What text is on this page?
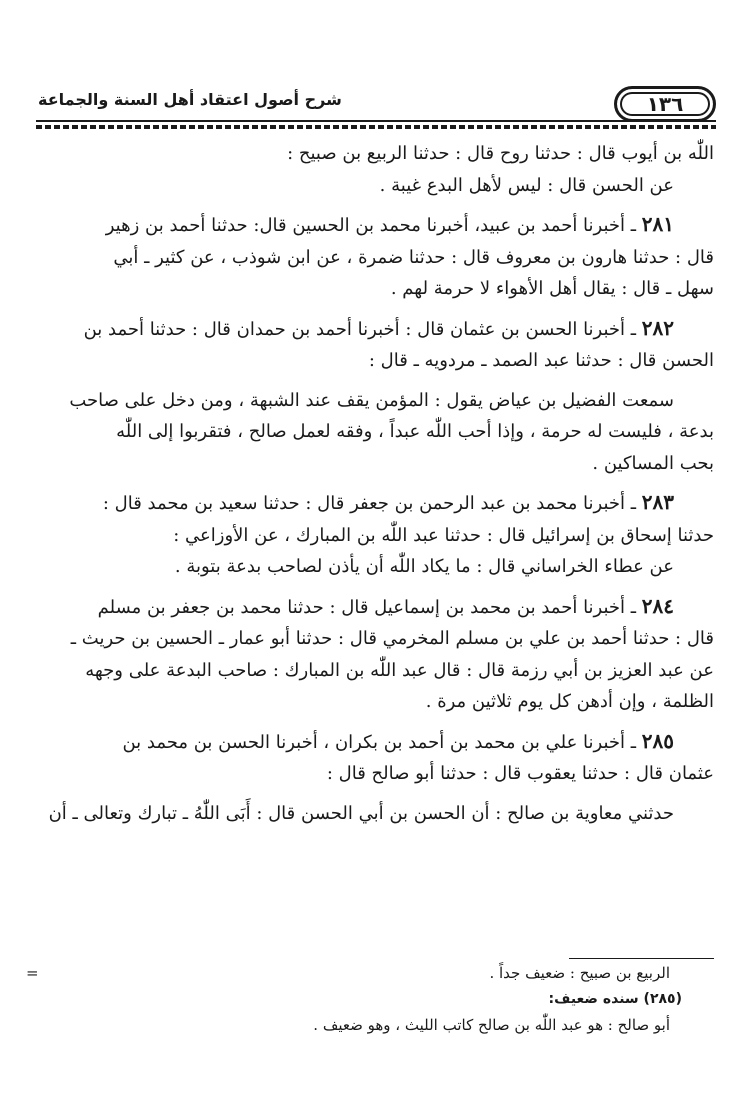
١٣٦
شرح أصول اعتقاد أهل السنة والجماعة

اللّٰه بن أيوب قال : حدثنا روح قال : حدثنا الربيع بن صبيح :

عن الحسن قال : ليس لأهل البدع غيبة .

٢٨١ ـ أخبرنا أحمد بن عبيد، أخبرنا محمد بن الحسين قال: حدثنا أحمد بن زهير

قال : حدثنا هارون بن معروف قال : حدثنا ضمرة ، عن ابن شوذب ، عن كثير ـ أبي

سهل ـ قال : يقال أهل الأهواء لا حرمة لهم .

٢٨٢ ـ أخبرنا الحسن بن عثمان قال : أخبرنا أحمد بن حمدان قال : حدثنا أحمد بن

الحسن قال : حدثنا عبد الصمد ـ مردويه ـ قال :

سمعت الفضيل بن عياض يقول : المؤمن يقف عند الشبهة ، ومن دخل على صاحب

بدعة ، فليست له حرمة ، وإذا أحب اللّٰه عبداً ، وفقه لعمل صالح ، فتقربوا إلى اللّٰه

بحب المساكين .

٢٨٣ ـ أخبرنا محمد بن عبد الرحمن بن جعفر قال : حدثنا سعيد بن محمد قال :

حدثنا إسحاق بن إسرائيل قال : حدثنا عبد اللّٰه بن المبارك ، عن الأوزاعي :

عن عطاء الخراساني قال : ما يكاد اللّٰه أن يأذن لصاحب بدعة بتوبة .

٢٨٤ ـ أخبرنا أحمد بن محمد بن إسماعيل قال : حدثنا محمد بن جعفر بن مسلم

قال : حدثنا أحمد بن علي بن مسلم المخرمي قال : حدثنا أبو عمار ـ الحسين بن حريث ـ

عن عبد العزيز بن أبي رزمة قال : قال عبد اللّٰه بن المبارك : صاحب البدعة على وجهه

الظلمة ، وإن أدهن كل يوم ثلاثين مرة .

٢٨٥ ـ أخبرنا علي بن محمد بن أحمد بن بكران ، أخبرنا الحسن بن محمد بن

عثمان قال : حدثنا يعقوب قال : حدثنا أبو صالح قال :

حدثني معاوية بن صالح : أن الحسن بن أبي الحسن قال : أَبَى اللّٰهُ ـ تبارك وتعالى ـ أن

=	الربيع بن صبيح : ضعيف جداً .

(٢٨٥) سنده ضعيف:

أبو صالح : هو عبد اللّٰه بن صالح كاتب الليث ، وهو ضعيف .
